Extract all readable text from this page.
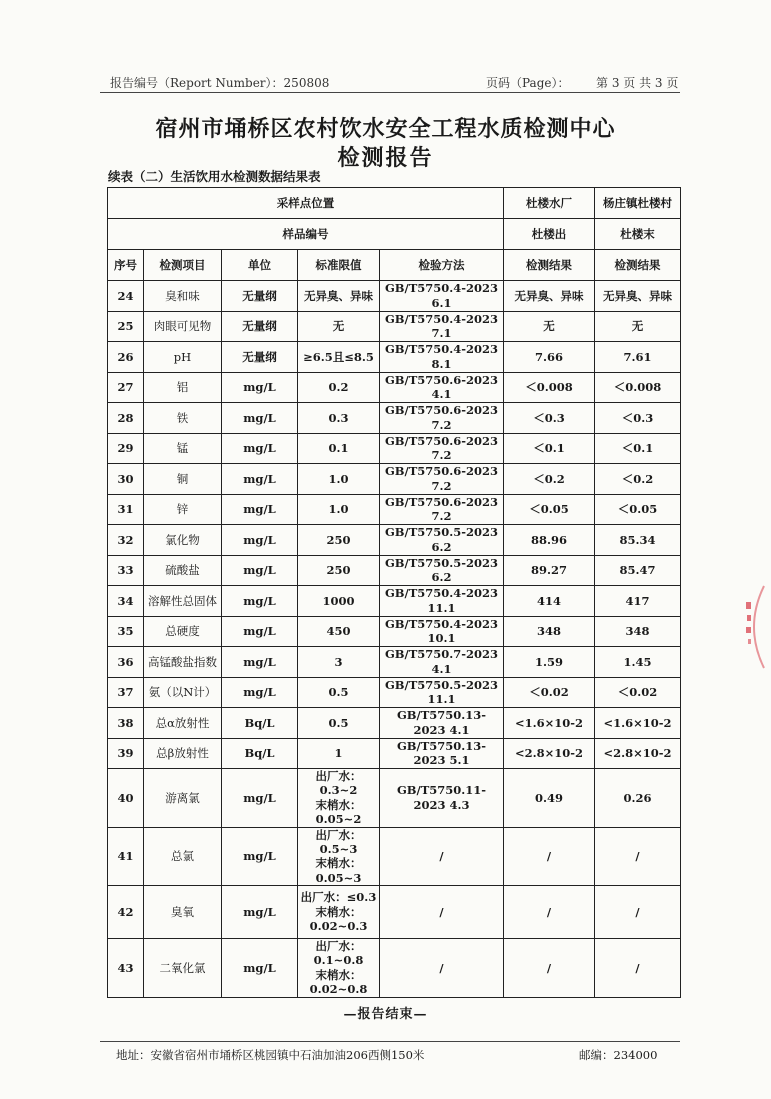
报告编号（Report Number）：250808	页码（Page）： 第 3 页 共 3 页
宿州市埇桥区农村饮水安全工程水质检测中心
检测报告
续表（二）生活饮用水检测数据结果表
采样点位置					杜楼水厂	杨庄镇杜楼村
样品编号					杜楼出	杜楼末
序号	检测项目	单位	标准限值	检验方法	检测结果	检测结果
24	臭和味	无量纲	无异臭、异味	GB/T5750.4-2023 6.1	无异臭、异味	无异臭、异味
25	肉眼可见物	无量纲	无	GB/T5750.4-2023 7.1	无	无
26	pH	无量纲	≥6.5且≤8.5	GB/T5750.4-2023 8.1	7.66	7.61
27	铝	mg/L	0.2	GB/T5750.6-2023 4.1	＜0.008	＜0.008
28	铁	mg/L	0.3	GB/T5750.6-2023 7.2	＜0.3	＜0.3
29	锰	mg/L	0.1	GB/T5750.6-2023 7.2	＜0.1	＜0.1
30	铜	mg/L	1.0	GB/T5750.6-2023 7.2	＜0.2	＜0.2
31	锌	mg/L	1.0	GB/T5750.6-2023 7.2	＜0.05	＜0.05
32	氯化物	mg/L	250	GB/T5750.5-2023 6.2	88.96	85.34
33	硫酸盐	mg/L	250	GB/T5750.5-2023 6.2	89.27	85.47
34	溶解性总固体	mg/L	1000	GB/T5750.4-2023 11.1	414	417
35	总硬度	mg/L	450	GB/T5750.4-2023 10.1	348	348
36	高锰酸盐指数	mg/L	3	GB/T5750.7-2023 4.1	1.59	1.45
37	氨（以N计）	mg/L	0.5	GB/T5750.5-2023 11.1	＜0.02	＜0.02
38	总α放射性	Bq/L	0.5	GB/T5750.13-2023 4.1	<1.6×10-2	<1.6×10-2
39	总β放射性	Bq/L	1	GB/T5750.13-2023 5.1	<2.8×10-2	<2.8×10-2
40	游离氯	mg/L	出厂水：0.3~2
末梢水：0.05~2	GB/T5750.11-2023 4.3	0.49	0.26
41	总氯	mg/L	出厂水：0.5~3
末梢水：0.05~3	/	/	/
42	臭氧	mg/L	出厂水：≤0.3
末梢水：
0.02~0.3	/	/	/
43	二氧化氯	mg/L	出厂水：0.1~0.8
末梢水：
0.02~0.8	/	/	/
—报告结束—
地址：安徽省宿州市埇桥区桃园镇中石油加油206西侧150米	邮编：234000
